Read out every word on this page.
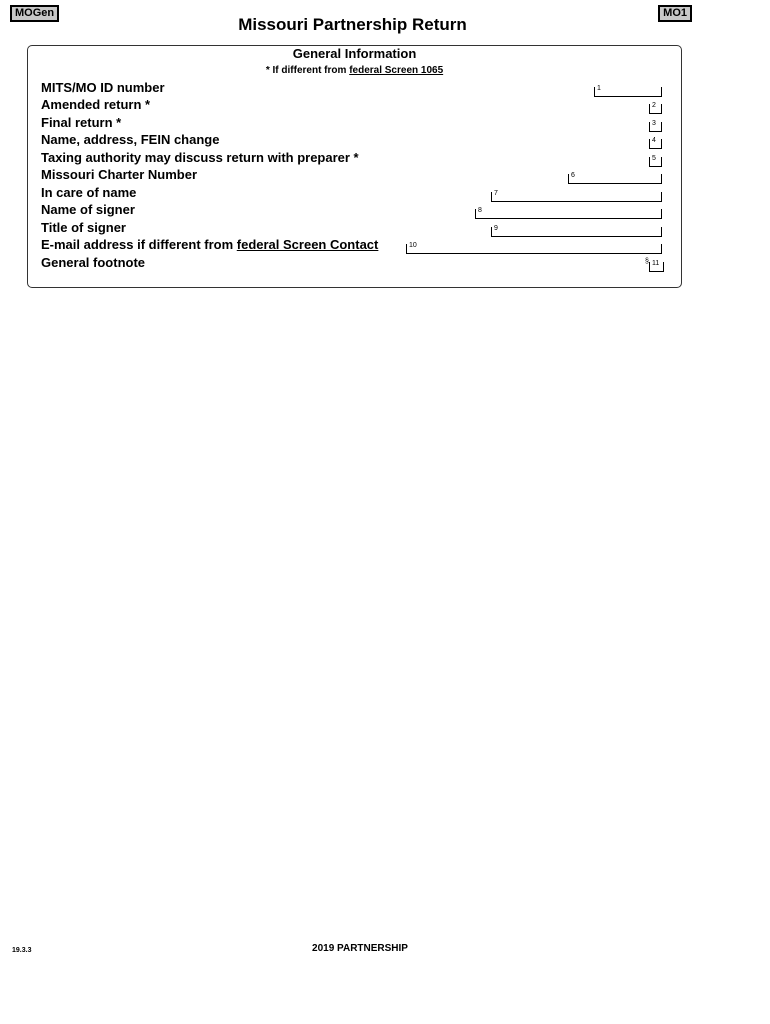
MOGen	MO1
Missouri Partnership Return
General Information
* If different from federal Screen 1065
MITS/MO ID number
Amended return *
Final return *
Name, address, FEIN change
Taxing authority may discuss return with preparer *
Missouri Charter Number
In care of name
Name of signer
Title of signer
E-mail address if different from federal Screen Contact
General footnote
1
2
3
4
5
6
7
8
9
10
§ 11
19.3.3	2019 PARTNERSHIP
